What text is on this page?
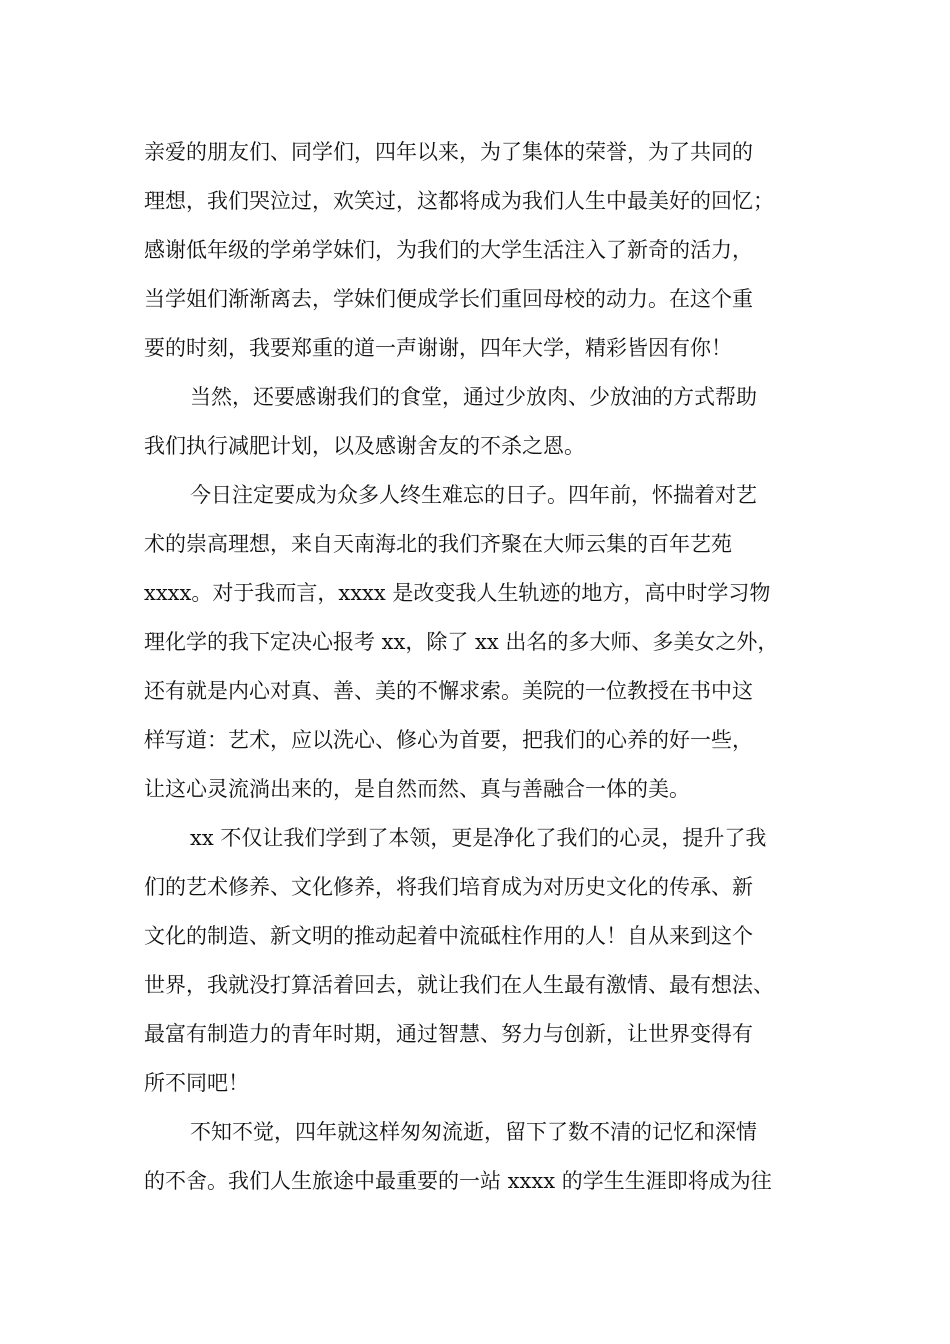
亲爱的朋友们、同学们，四年以来，为了集体的荣誉，为了共同的
理想，我们哭泣过，欢笑过，这都将成为我们人生中最美好的回忆；
感谢低年级的学弟学妹们，为我们的大学生活注入了新奇的活力，
当学姐们渐渐离去，学妹们便成学长们重回母校的动力。在这个重
要的时刻，我要郑重的道一声谢谢，四年大学，精彩皆因有你！
当然，还要感谢我们的食堂，通过少放肉、少放油的方式帮助
我们执行减肥计划，以及感谢舍友的不杀之恩。
今日注定要成为众多人终生难忘的日子。四年前，怀揣着对艺
术的崇高理想，来自天南海北的我们齐聚在大师云集的百年艺苑
xxxx。对于我而言，xxxx 是改变我人生轨迹的地方，高中时学习物
理化学的我下定决心报考 xx，除了 xx 出名的多大师、多美女之外，
还有就是内心对真、善、美的不懈求索。美院的一位教授在书中这
样写道：艺术，应以洗心、修心为首要，把我们的心养的好一些，
让这心灵流淌出来的，是自然而然、真与善融合一体的美。
xx 不仅让我们学到了本领，更是净化了我们的心灵，提升了我
们的艺术修养、文化修养，将我们培育成为对历史文化的传承、新
文化的制造、新文明的推动起着中流砥柱作用的人！自从来到这个
世界，我就没打算活着回去，就让我们在人生最有激情、最有想法、
最富有制造力的青年时期，通过智慧、努力与创新，让世界变得有
所不同吧！
不知不觉，四年就这样匆匆流逝，留下了数不清的记忆和深情
的不舍。我们人生旅途中最重要的一站 xxxx 的学生生涯即将成为往
